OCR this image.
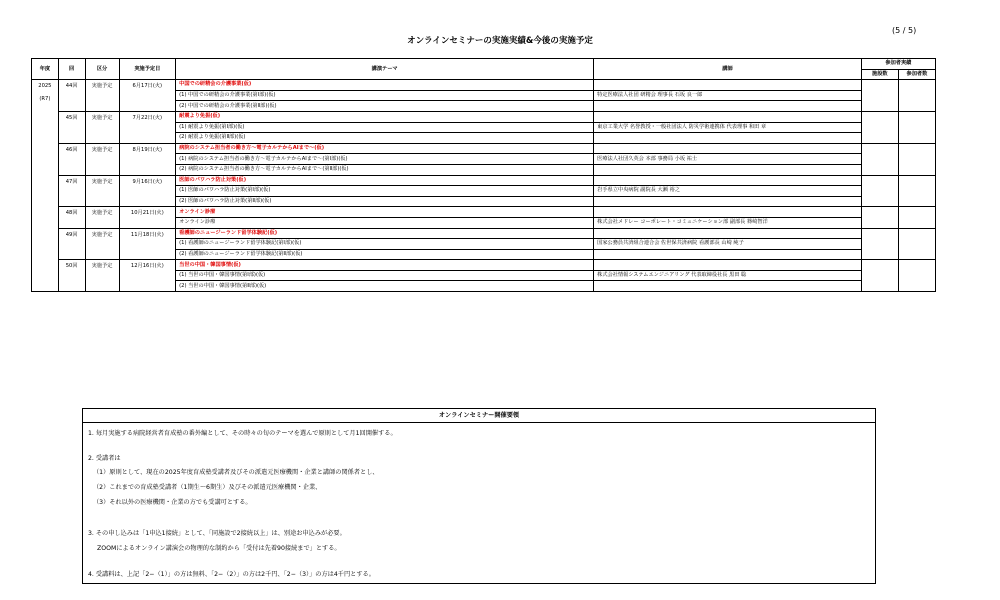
(5 / 5)
オンラインセミナーの実施実績&今後の実施予定
年度	回	区分	実施予定日	講演テーマ	講師	参加者実績	
						施設数	参加者数

2025
(R7)	44回	実施予定	6月17日(火)	中国での研精会の介護事業(仮)			
				(1) 中国での研精会の介護事業(第Ⅰ部)(仮)	特定医療法人社団 研精会 理事長 石坂 良一郎		
				(2) 中国での研精会の介護事業(第Ⅱ部)(仮)			
	45回	実施予定	7月22日(火)	耐震より免振(仮)			
				(1) 耐震より免振(第Ⅰ部)(仮)	東京工業大学 名誉教授・一般社団法人 防災学術連携体 代表理事 和田 章		
				(2) 耐震より免振(第Ⅱ部)(仮)			
	46回	実施予定	8月19日(火)	病院のシステム担当者の働き方〜電子カルテからAIまで〜(仮)			
				(1) 病院のシステム担当者の働き方〜電子カルテからAIまで〜(第Ⅰ部)(仮)	医療法人社団久英会 本部 事務局 小坂 祐士		
				(2) 病院のシステム担当者の働き方〜電子カルテからAIまで〜(第Ⅱ部)(仮)			
	47回	実施予定	9月16日(火)	医師のパワハラ防止対策(仮)			
				(1) 医師のパワハラ防止対策(第Ⅰ部)(仮)	岩手県立中央病院 副院長 大瀬 裕之		
				(2) 医師のパワハラ防止対策(第Ⅱ部)(仮)			
	48回	実施予定	10月21日(火)	オンライン診療			
				オンライン診療	株式会社メドレー コーポレート・コミュニケーション部 副部長 篠崎智洋		

	49回	実施予定	11月18日(火)	看護師のニュージーランド留学体験記(仮)			
				(1) 看護師のニュージーランド留学体験記(第Ⅰ部)(仮)	国家公務員共済組合連合会 佐世保共済病院 看護部長 山崎 純子		
				(2) 看護師のニュージーランド留学体験記(第Ⅱ部)(仮)			
	50回	実施予定	12月16日(火)	当世の中国・韓国事情(仮)			
				(1) 当世の中国・韓国事情(第Ⅰ部)(仮)	株式会社情報システムエンジニアリング 代表取締役社長 黒田 聡		
				(2) 当世の中国・韓国事情(第Ⅱ部)(仮)			
オンラインセミナー開催要領
1. 毎月実施する病院経営者育成塾の番外編として、その時々の旬のテーマを選んで原則として月1回開催する。
2. 受講者は
（1）原則として、現在の2025年度育成塾受講者及びその派遣元医療機関・企業と講師の関係者とし、
（2）これまでの育成塾受講者（1期生〜6期生）及びその派遣元医療機関・企業、
（3）それ以外の医療機関・企業の方でも受講可とする。
3. その申し込みは「1申込1接続」として、「同施設で2接続以上」は、別途お申込みが必要。
ZOOMによるオンライン講演会の物理的な制約から「受付は先着90接続まで」とする。
4. 受講料は、上記「2−（1）」の方は無料、「2−（2）」の方は2千円、「2−（3）」の方は4千円とする。
